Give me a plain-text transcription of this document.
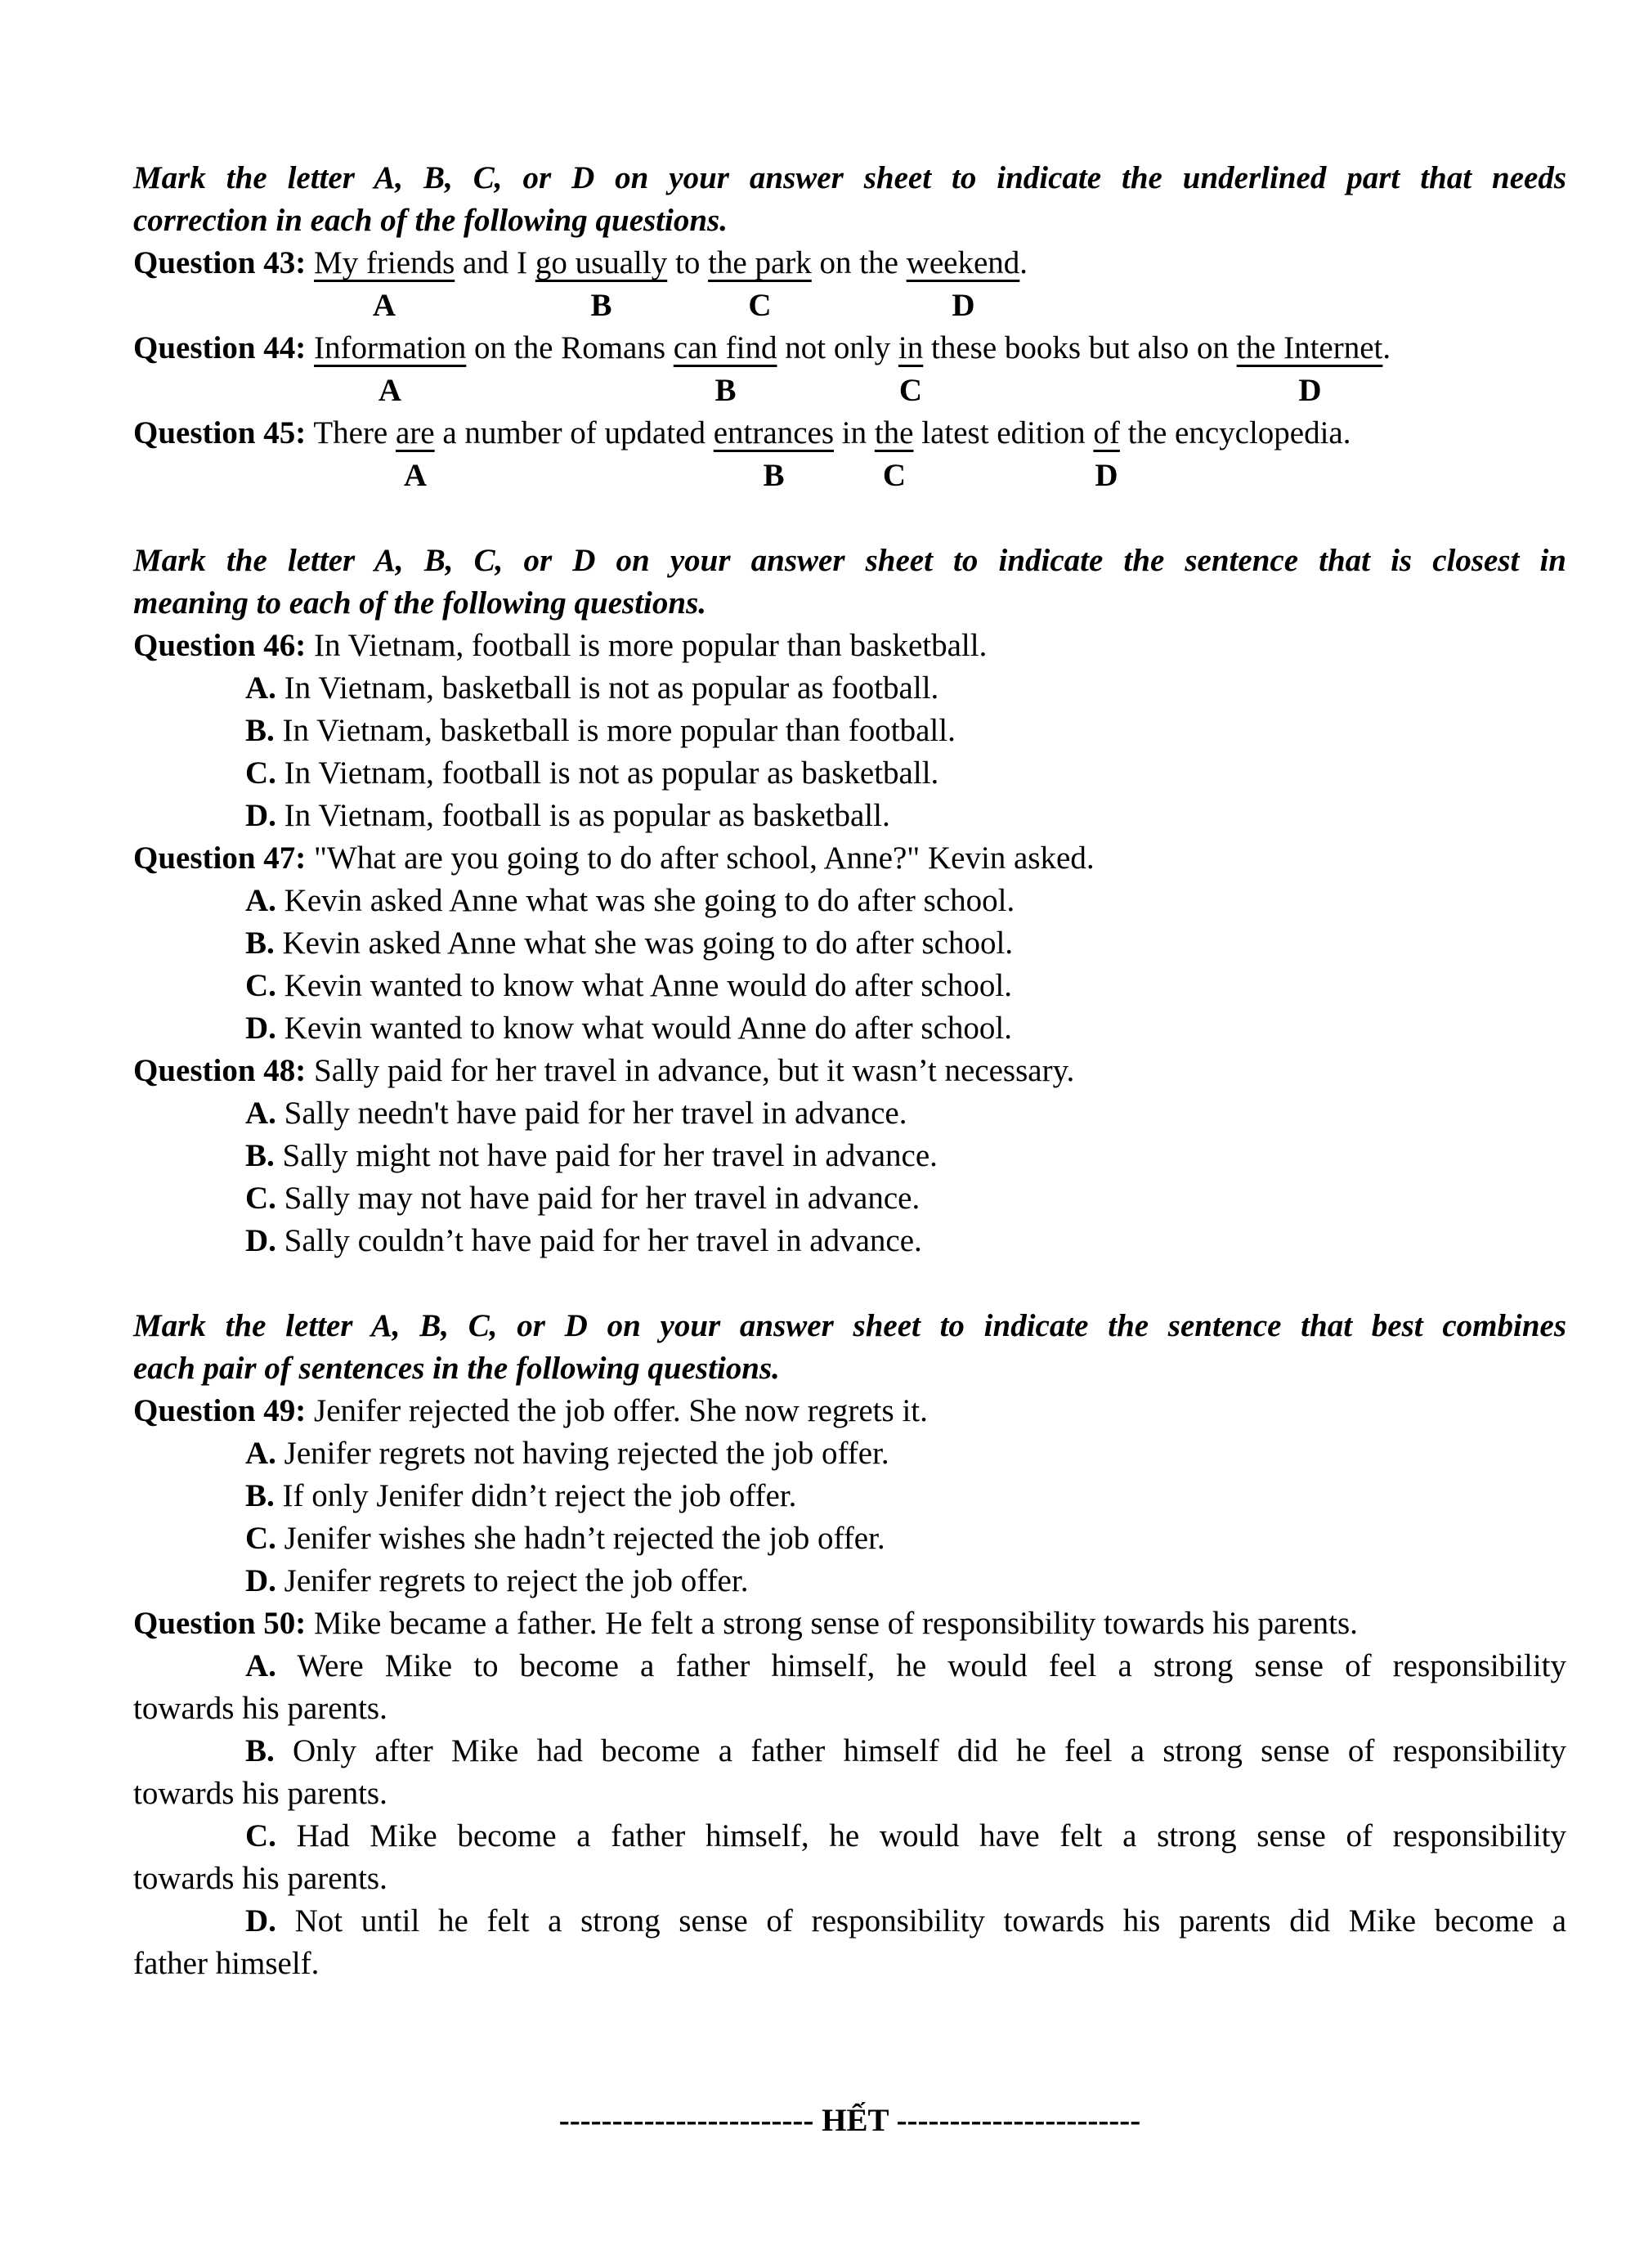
Mark the letter A, B, C, or D on your answer sheet to indicate the underlined part that needs
correction in each of the following questions.

Question 43: My friends and I go usually to the park on the weekend.

A	B	C	D

Question 44: Information on the Romans can find not only in these books but also on the Internet.

A	B	C	D

Question 45: There are a number of updated entrances in the latest edition of the encyclopedia.

A	B	C	D

Mark the letter A, B, C, or D on your answer sheet to indicate the sentence that is closest in
meaning to each of the following questions.

Question 46: In Vietnam, football is more popular than basketball.

A. In Vietnam, basketball is not as popular as football.

B. In Vietnam, basketball is more popular than football.

C. In Vietnam, football is not as popular as basketball.

D. In Vietnam, football is as popular as basketball.

Question 47: "What are you going to do after school, Anne?" Kevin asked.

A. Kevin asked Anne what was she going to do after school.

B. Kevin asked Anne what she was going to do after school.

C. Kevin wanted to know what Anne would do after school.

D. Kevin wanted to know what would Anne do after school.

Question 48: Sally paid for her travel in advance, but it wasn’t necessary.

A. Sally needn't have paid for her travel in advance.

B. Sally might not have paid for her travel in advance.

C. Sally may not have paid for her travel in advance.

D. Sally couldn’t have paid for her travel in advance.

Mark the letter A, B, C, or D on your answer sheet to indicate the sentence that best combines
each pair of sentences in the following questions.

Question 49: Jenifer rejected the job offer. She now regrets it.

A. Jenifer regrets not having rejected the job offer.

B. If only Jenifer didn’t reject the job offer.

C. Jenifer wishes she hadn’t rejected the job offer.

D. Jenifer regrets to reject the job offer.

Question 50: Mike became a father. He felt a strong sense of responsibility towards his parents.

A. Were Mike to become a father himself, he would feel a strong sense of responsibility
towards his parents.

B. Only after Mike had become a father himself did he feel a strong sense of responsibility
towards his parents.

C. Had Mike become a father himself, he would have felt a strong sense of responsibility
towards his parents.

D. Not until he felt a strong sense of responsibility towards his parents did Mike become a
father himself.

------------------------ HẾT -----------------------
